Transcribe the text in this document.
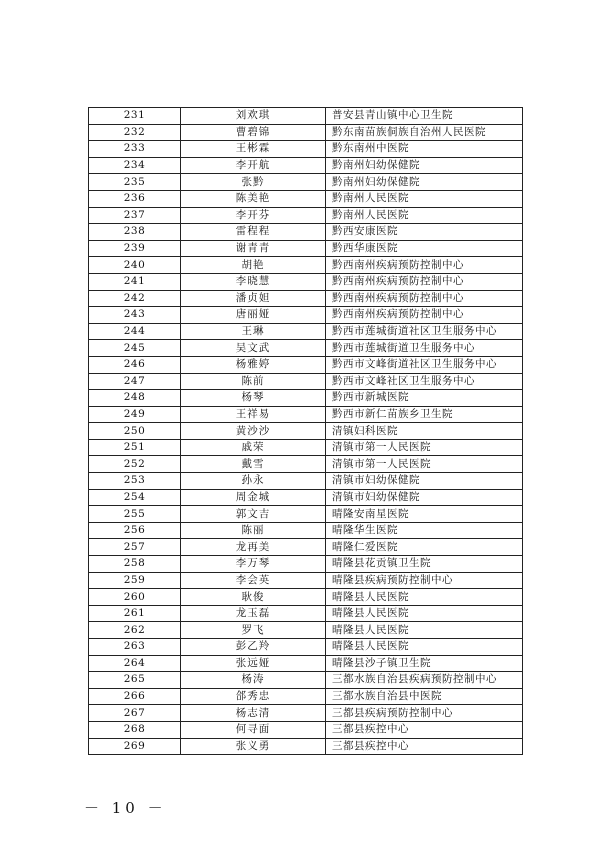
231	刘欢琪	普安县青山镇中心卫生院
232	曹碧锦	黔东南苗族侗族自治州人民医院
233	王彬霖	黔东南州中医院
234	李开航	黔南州妇幼保健院
235	张黔	黔南州妇幼保健院
236	陈美艳	黔南州人民医院
237	李开芬	黔南州人民医院
238	雷程程	黔西安康医院
239	谢青青	黔西华康医院
240	胡艳	黔西南州疾病预防控制中心
241	李晓慧	黔西南州疾病预防控制中心
242	潘贞妲	黔西南州疾病预防控制中心
243	唐丽娅	黔西南州疾病预防控制中心
244	王琳	黔西市莲城街道社区卫生服务中心
245	吴文武	黔西市莲城街道卫生服务中心
246	杨雅婷	黔西市文峰街道社区卫生服务中心
247	陈前	黔西市文峰社区卫生服务中心
248	杨琴	黔西市新城医院
249	王祥易	黔西市新仁苗族乡卫生院
250	黄沙沙	清镇妇科医院
251	戚荣	清镇市第一人民医院
252	戴雪	清镇市第一人民医院
253	孙永	清镇市妇幼保健院
254	周金城	清镇市妇幼保健院
255	郭文吉	晴隆安南星医院
256	陈丽	晴隆华生医院
257	龙再美	晴隆仁爱医院
258	李万琴	晴隆县花贡镇卫生院
259	李会英	晴隆县疾病预防控制中心
260	耿俊	晴隆县人民医院
261	龙玉磊	晴隆县人民医院
262	罗飞	晴隆县人民医院
263	彭乙羚	晴隆县人民医院
264	张远娅	晴隆县沙子镇卫生院
265	杨涛	三都水族自治县疾病预防控制中心
266	郃秀忠	三都水族自治县中医院
267	杨志清	三都县疾病预防控制中心
268	何寻面	三都县疾控中心
269	张义勇	三都县疾控中心
－ 10 －
